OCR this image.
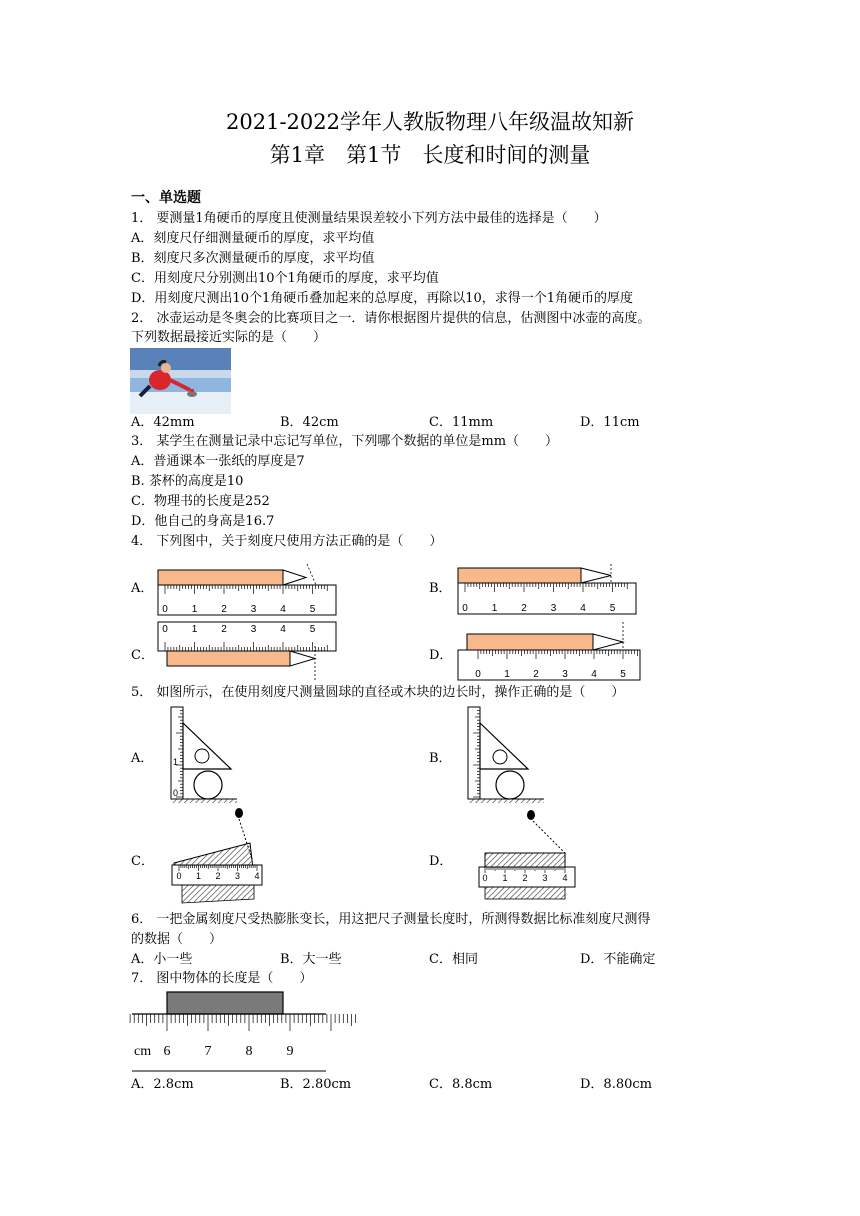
2021-2022学年人教版物理八年级温故知新
第1章　第1节　长度和时间的测量
一、单选题
1． 要测量1角硬币的厚度且使测量结果误差较小下列方法中最佳的选择是（　　）
A．刻度尺仔细测量硬币的厚度，求平均值
B．刻度尺多次测量硬币的厚度，求平均值
C．用刻度尺分别测出10个1角硬币的厚度，求平均值
D．用刻度尺测出10个1角硬币叠加起来的总厚度，再除以10，求得一个1角硬币的厚度
2． 冰壶运动是冬奥会的比赛项目之一．请你根据图片提供的信息，估测图中冰壶的高度。
下列数据最接近实际的是（　　）
A．42mm	B．42cm	C．11mm	D．11cm
3． 某学生在测量记录中忘记写单位，下列哪个数据的单位是mm（　　）
A．普通课本一张纸的厚度是7
B. 茶杯的高度是10
C．物理书的长度是252
D．他自己的身高是16.7
4． 下列图中，关于刻度尺使用方法正确的是（　　）
A．	B．
C．	D．
0 1 2 3 4 5	0 1 2 3 4 5
0 1 2 3 4 5
0 1 2 3 4 5
5． 如图所示，在使用刻度尺测量圆球的直径或木块的边长时，操作正确的是（　　）
A．	B．
C．	D．
1
0
0 1 2 3 4	0 1 2 3 4
6． 一把金属刻度尺受热膨胀变长，用这把尺子测量长度时，所测得数据比标准刻度尺测得
的数据（　　）
A．小一些	B．大一些	C．相同	D．不能确定
7． 图中物体的长度是（　　）
cm 6 7 8 9
A．2.8cm	B．2.80cm	C．8.8cm	D．8.80cm
